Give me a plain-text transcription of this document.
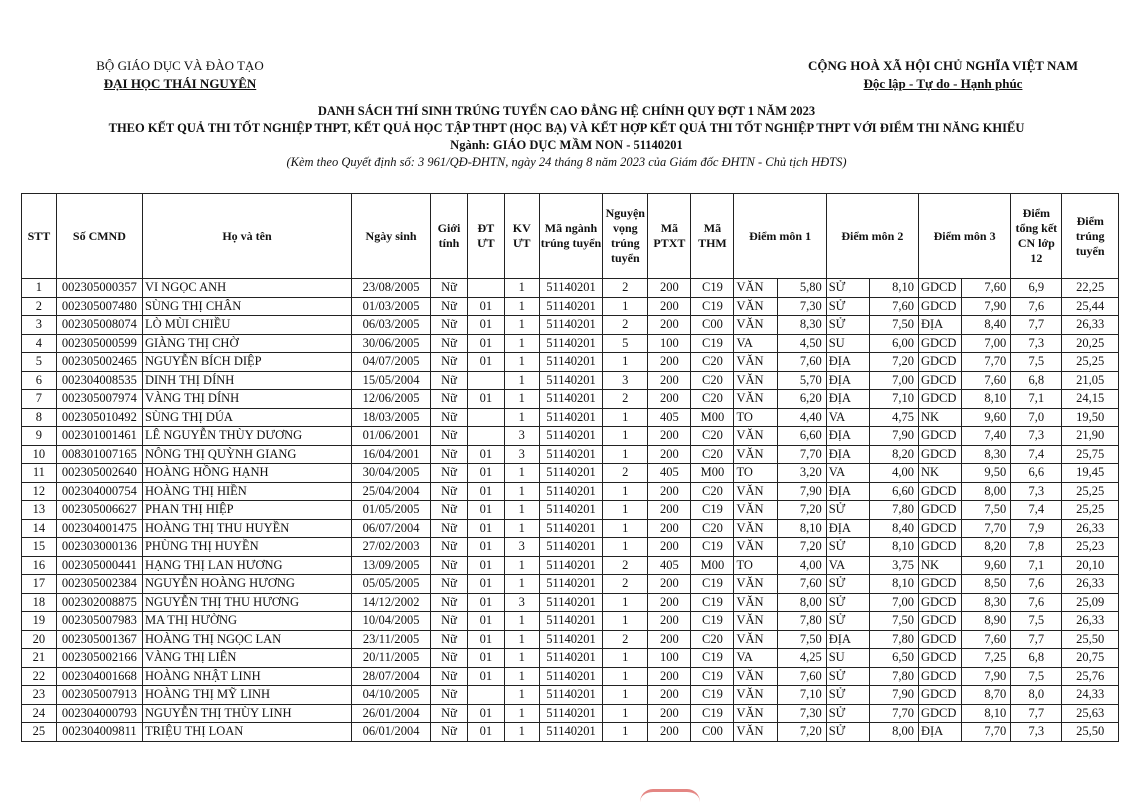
BỘ GIÁO DỤC VÀ ĐÀO TẠO
ĐẠI HỌC THÁI NGUYÊN
CỘNG HOÀ XÃ HỘI CHỦ NGHĨA VIỆT NAM
Độc lập - Tự do - Hạnh phúc
DANH SÁCH THÍ SINH TRÚNG TUYỂN CAO ĐẲNG HỆ CHÍNH QUY ĐỢT 1 NĂM 2023
THEO KẾT QUẢ THI TỐT NGHIỆP THPT, KẾT QUẢ HỌC TẬP THPT (HỌC BẠ) VÀ KẾT HỢP KẾT QUẢ THI TỐT NGHIỆP THPT VỚI ĐIỂM THI NĂNG KHIẾU
Ngành: GIÁO DỤC MẦM NON - 51140201
(Kèm theo Quyết định số: 3 961/QĐ-ĐHTN, ngày 24 tháng 8 năm 2023 của Giám đốc ĐHTN - Chủ tịch HĐTS)
STT	Số CMND	Họ và tên	Ngày sinh	Giới tính	ĐT ƯT	KV ƯT	Mã ngành trúng tuyển	Nguyện vọng trúng tuyển	Mã PTXT	Mã THM	Điểm môn 1		Điểm môn 2		Điểm môn 3		Điểm tổng kết CN lớp 12	Điểm trúng tuyển
1	002305000357	VI NGỌC ANH	23/08/2005	Nữ		1	51140201	2	200	C19	VĂN	5,80	SỬ	8,10	GDCD	7,60	6,9	22,25
2	002305007480	SÙNG THỊ CHÂN	01/03/2005	Nữ	01	1	51140201	1	200	C19	VĂN	7,30	SỬ	7,60	GDCD	7,90	7,6	25,44
3	002305008074	LÒ MÙI CHIỀU	06/03/2005	Nữ	01	1	51140201	2	200	C00	VĂN	8,30	SỬ	7,50	ĐỊA	8,40	7,7	26,33
4	002305000599	GIÀNG THỊ CHỜ	30/06/2005	Nữ	01	1	51140201	5	100	C19	VA	4,50	SU	6,00	GDCD	7,00	7,3	20,25
5	002305002465	NGUYỄN BÍCH DIỆP	04/07/2005	Nữ	01	1	51140201	1	200	C20	VĂN	7,60	ĐỊA	7,20	GDCD	7,70	7,5	25,25
6	002304008535	DINH THỊ DÍNH	15/05/2004	Nữ		1	51140201	3	200	C20	VĂN	5,70	ĐỊA	7,00	GDCD	7,60	6,8	21,05
7	002305007974	VÀNG THỊ DÍNH	12/06/2005	Nữ	01	1	51140201	2	200	C20	VĂN	6,20	ĐỊA	7,10	GDCD	8,10	7,1	24,15
8	002305010492	SÙNG THỊ DÚA	18/03/2005	Nữ		1	51140201	1	405	M00	TO	4,40	VA	4,75	NK	9,60	7,0	19,50
9	002301001461	LÊ NGUYỄN THÙY DƯƠNG	01/06/2001	Nữ		3	51140201	1	200	C20	VĂN	6,60	ĐỊA	7,90	GDCD	7,40	7,3	21,90
10	008301007165	NÔNG THỊ QUỲNH GIANG	16/04/2001	Nữ	01	3	51140201	1	200	C20	VĂN	7,70	ĐỊA	8,20	GDCD	8,30	7,4	25,75
11	002305002640	HOÀNG HỒNG HẠNH	30/04/2005	Nữ	01	1	51140201	2	405	M00	TO	3,20	VA	4,00	NK	9,50	6,6	19,45
12	002304000754	HOÀNG THỊ HIỀN	25/04/2004	Nữ	01	1	51140201	1	200	C20	VĂN	7,90	ĐỊA	6,60	GDCD	8,00	7,3	25,25
13	002305006627	PHAN THỊ HIỆP	01/05/2005	Nữ	01	1	51140201	1	200	C19	VĂN	7,20	SỬ	7,80	GDCD	7,50	7,4	25,25
14	002304001475	HOÀNG THỊ THU HUYỀN	06/07/2004	Nữ	01	1	51140201	1	200	C20	VĂN	8,10	ĐỊA	8,40	GDCD	7,70	7,9	26,33
15	002303000136	PHÙNG THỊ HUYỀN	27/02/2003	Nữ	01	3	51140201	1	200	C19	VĂN	7,20	SỬ	8,10	GDCD	8,20	7,8	25,23
16	002305000441	HẠNG THỊ LAN HƯƠNG	13/09/2005	Nữ	01	1	51140201	2	405	M00	TO	4,00	VA	3,75	NK	9,60	7,1	20,10
17	002305002384	NGUYỄN HOÀNG HƯƠNG	05/05/2005	Nữ	01	1	51140201	2	200	C19	VĂN	7,60	SỬ	8,10	GDCD	8,50	7,6	26,33
18	002302008875	NGUYỄN THỊ THU HƯƠNG	14/12/2002	Nữ	01	3	51140201	1	200	C19	VĂN	8,00	SỬ	7,00	GDCD	8,30	7,6	25,09
19	002305007983	MA THỊ HƯỜNG	10/04/2005	Nữ	01	1	51140201	1	200	C19	VĂN	7,80	SỬ	7,50	GDCD	8,90	7,5	26,33
20	002305001367	HOÀNG THỊ NGỌC LAN	23/11/2005	Nữ	01	1	51140201	2	200	C20	VĂN	7,50	ĐỊA	7,80	GDCD	7,60	7,7	25,50
21	002305002166	VÀNG THỊ LIÊN	20/11/2005	Nữ	01	1	51140201	1	100	C19	VA	4,25	SU	6,50	GDCD	7,25	6,8	20,75
22	002304001668	HOÀNG NHẬT LINH	28/07/2004	Nữ	01	1	51140201	1	200	C19	VĂN	7,60	SỬ	7,80	GDCD	7,90	7,5	25,76
23	002305007913	HOÀNG THỊ MỸ LINH	04/10/2005	Nữ		1	51140201	1	200	C19	VĂN	7,10	SỬ	7,90	GDCD	8,70	8,0	24,33
24	002304000793	NGUYỄN THỊ THÙY LINH	26/01/2004	Nữ	01	1	51140201	1	200	C19	VĂN	7,30	SỬ	7,70	GDCD	8,10	7,7	25,63
25	002304009811	TRIỆU THỊ LOAN	06/01/2004	Nữ	01	1	51140201	1	200	C00	VĂN	7,20	SỬ	8,00	ĐỊA	7,70	7,3	25,50
